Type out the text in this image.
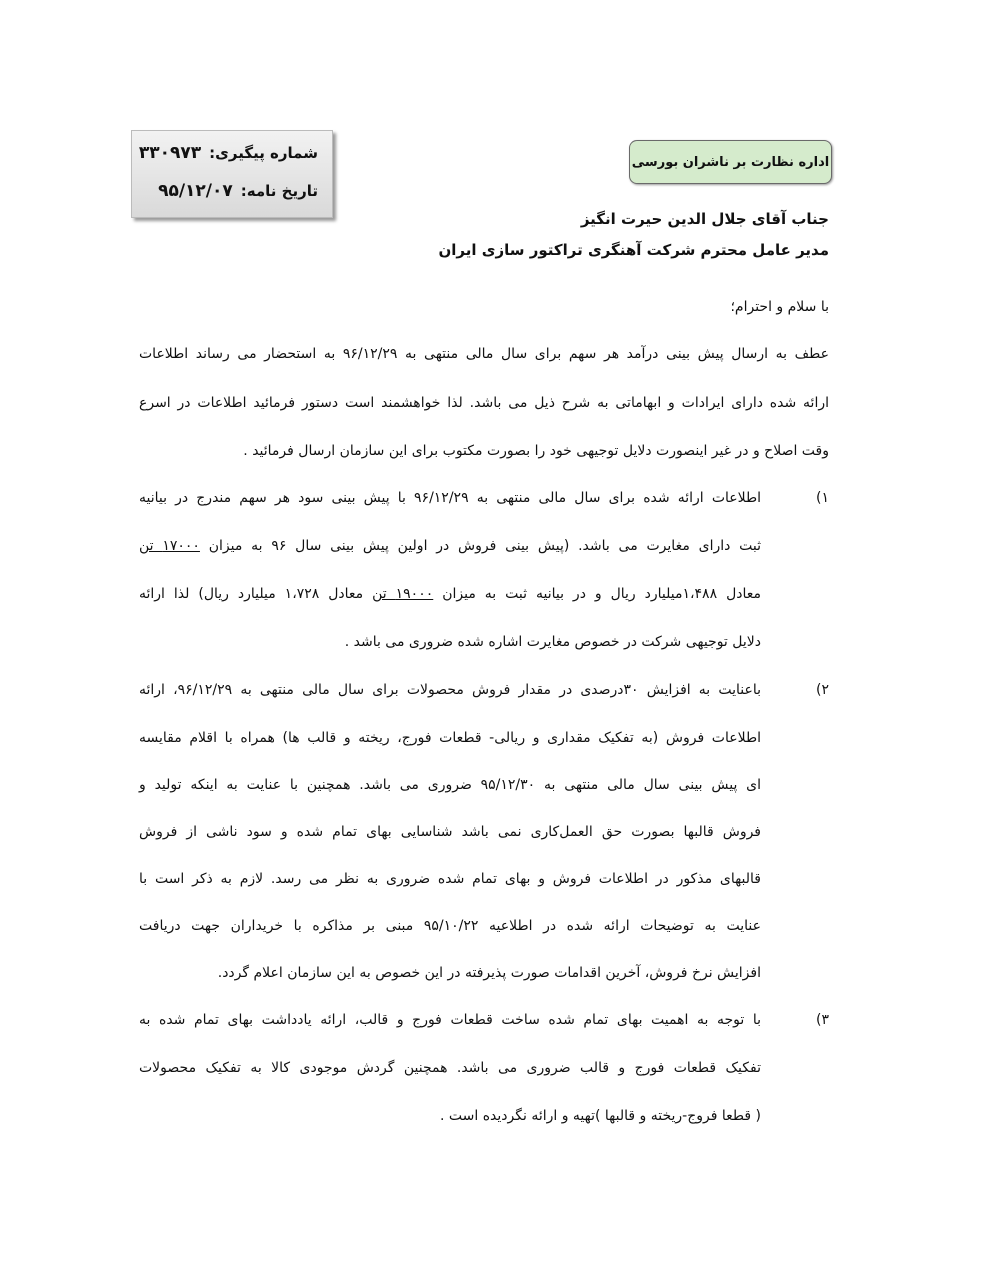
شماره پیگیری:۳۳۰۹۷۳
تاریخ نامه:۹۵/۱۲/۰۷
اداره نظارت بر ناشران بورسی
جناب آقای جلال الدین حیرت انگیز
مدیر عامل محترم شرکت آهنگری تراکتور سازی ایران
با سلام و احترام؛
عطف به ارسال پیش بینی درآمد هر سهم برای سال مالی منتهی به ۹۶/۱۲/۲۹ به استحضار می رساند اطلاعات
ارائه شده دارای ایرادات و ابهاماتی به شرح ذیل می باشد. لذا خواهشمند است دستور فرمائید اطلاعات در اسرع
وقت اصلاح و در غیر اینصورت دلایل توجیهی خود را بصورت مکتوب برای این سازمان ارسال فرمائید .
۱)
اطلاعات ارائه شده برای سال مالی منتهی به ۹۶/۱۲/۲۹ با پیش بینی سود هر سهم مندرج در بیانیه
ثبت دارای مغایرت می باشد. (پیش بینی فروش در اولین پیش بینی سال ۹۶ به میزان ۱۷۰۰۰ تن
معادل ۱،۴۸۸میلیارد ریال و در بیانیه ثبت به میزان ۱۹۰۰۰ تن معادل ۱،۷۲۸ میلیارد ریال) لذا ارائه
دلایل توجیهی شرکت در خصوص مغایرت اشاره شده ضروری می باشد .
۲)
باعنایت به افزایش ۳۰درصدی در مقدار فروش محصولات برای سال مالی منتهی به ۹۶/۱۲/۲۹، ارائه
اطلاعات فروش (به تفکیک مقداری و ریالی- قطعات فورج، ریخته و قالب ها) همراه با اقلام مقایسه
ای پیش بینی سال مالی منتهی به ۹۵/۱۲/۳۰ ضروری می باشد. همچنین با عنایت به اینکه تولید و
فروش قالبها بصورت حق العمل‌کاری نمی باشد شناسایی بهای تمام شده و سود ناشی از فروش
قالبهای مذکور در اطلاعات فروش و بهای تمام شده ضروری به نظر می رسد. لازم به ذکر است با
عنایت به توضیحات ارائه شده در اطلاعیه ۹۵/۱۰/۲۲ مبنی بر مذاکره با خریداران جهت دریافت
افزایش نرخ فروش، آخرین اقدامات صورت پذیرفته در این خصوص به این سازمان اعلام گردد.
۳)
با توجه به اهمیت بهای تمام شده ساخت قطعات فورج و قالب، ارائه یادداشت بهای تمام شده به
تفکیک قطعات فورج و قالب ضروری می باشد. همچنین گردش موجودی کالا به تفکیک محصولات
( قطعا فروج-ریخته و قالبها )تهیه و ارائه نگردیده است .
